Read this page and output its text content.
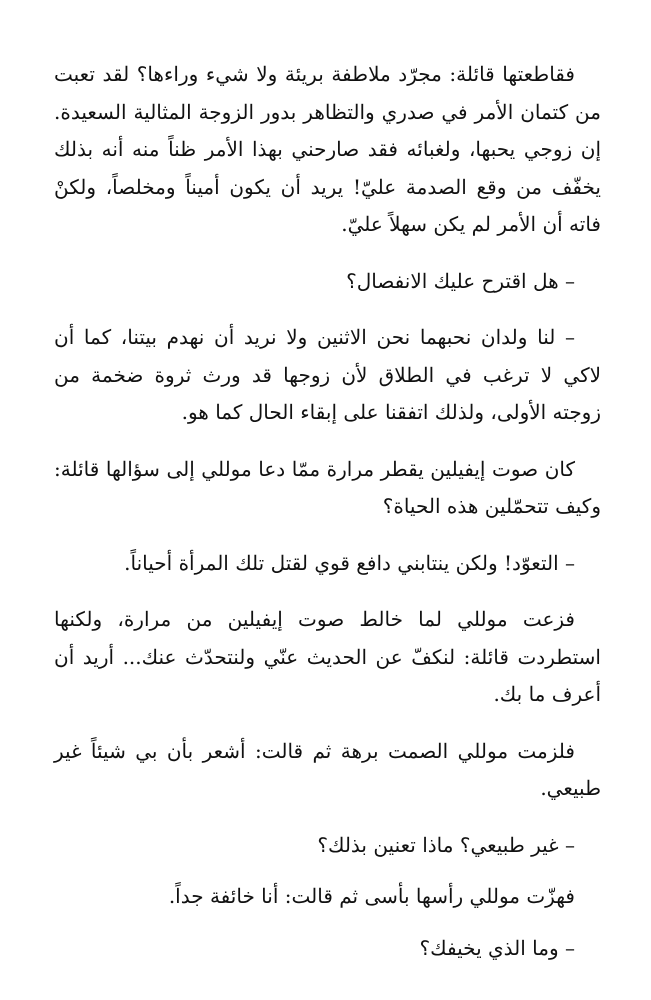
فقاطعتها قائلة: مجرّد ملاطفة بريئة ولا شيء وراءها؟ لقد تعبت من كتمان الأمر في صدري والتظاهر بدور الزوجة المثالية السعيدة. إن زوجي يحبها، ولغبائه فقد صارحني بهذا الأمر ظناً منه أنه بذلك يخفّف من وقع الصدمة عليّ! يريد أن يكون أميناً ومخلصاً، ولكنْ فاته أن الأمر لم يكن سهلاً عليّ.

– هل اقترح عليك الانفصال؟

– لنا ولدان نحبهما نحن الاثنين ولا نريد أن نهدم بيتنا، كما أن لاكي لا ترغب في الطلاق لأن زوجها قد ورث ثروة ضخمة من زوجته الأولى، ولذلك اتفقنا على إبقاء الحال كما هو.

كان صوت إيفيلين يقطر مرارة ممّا دعا موللي إلى سؤالها قائلة: وكيف تتحمّلين هذه الحياة؟

– التعوّد! ولكن ينتابني دافع قوي لقتل تلك المرأة أحياناً.

فزعت موللي لما خالط صوت إيفيلين من مرارة، ولكنها استطردت قائلة: لنكفّ عن الحديث عنّي ولنتحدّث عنك... أريد أن أعرف ما بك.

فلزمت موللي الصمت برهة ثم قالت: أشعر بأن بي شيئاً غير طبيعي.

– غير طبيعي؟ ماذا تعنين بذلك؟

فهزّت موللي رأسها بأسى ثم قالت: أنا خائفة جداً.

– وما الذي يخيفك؟
